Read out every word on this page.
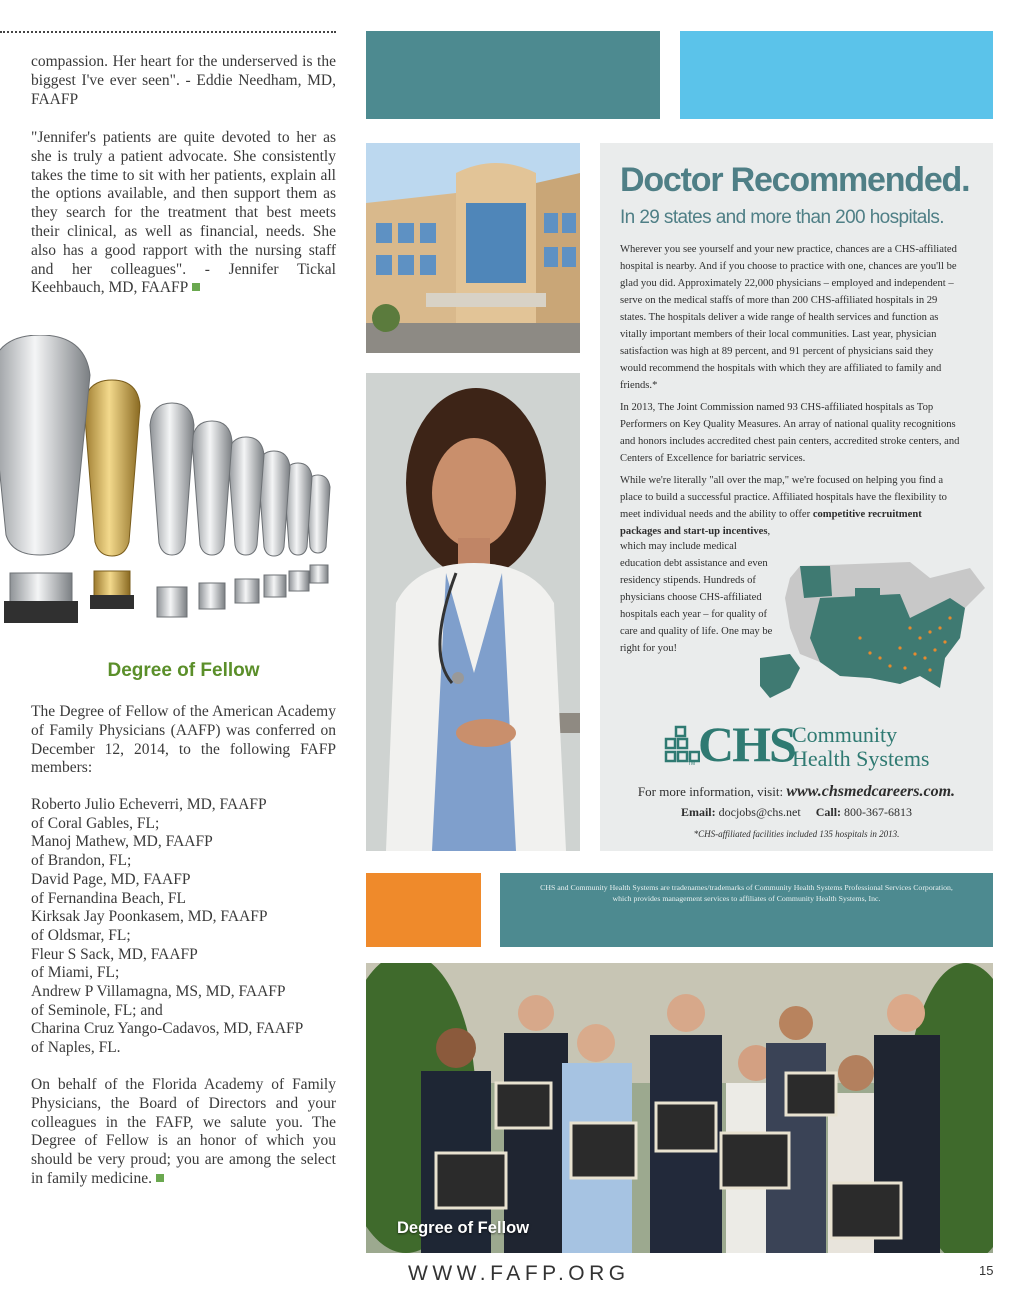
compassion. Her heart for the underserved is the biggest I've ever seen". - Eddie Needham, MD, FAAFP

"Jennifer's patients are quite devoted to her as she is truly a patient advocate. She consistently takes the time to sit with her patients, explain all the options available, and then support them as they search for the treatment that best meets their clinical, as well as financial, needs. She also has a good rapport with the nursing staff and her colleagues". - Jennifer Tickal Keehbauch, MD, FAAFP

Degree of Fellow

The Degree of Fellow of the American Academy of Family Physicians (AAFP) was conferred on December 12, 2014, to the following FAFP members:

Roberto Julio Echeverri, MD, FAAFP
of Coral Gables, FL;
Manoj Mathew, MD, FAAFP
of Brandon, FL;
David Page, MD, FAAFP
of Fernandina Beach, FL
Kirksak Jay Poonkasem, MD, FAAFP
of Oldsmar, FL;
Fleur S Sack, MD, FAAFP
of Miami, FL;
Andrew P Villamagna, MS, MD, FAAFP
of Seminole, FL; and
Charina Cruz Yango-Cadavos, MD, FAAFP
of Naples, FL.

On behalf of the Florida Academy of Family Physicians, the Board of Directors and your colleagues in the FAFP, we salute you. The Degree of Fellow is an honor of which you should be very proud; you are among the select in family medicine.

Doctor Recommended.
In 29 states and more than 200 hospitals.

Wherever you see yourself and your new practice, chances are a CHS-affiliated hospital is nearby. And if you choose to practice with one, chances are you'll be glad you did. Approximately 22,000 physicians – employed and independent – serve on the medical staffs of more than 200 CHS-affiliated hospitals in 29 states. The hospitals deliver a wide range of health services and function as vitally important members of their local communities. Last year, physician satisfaction was high at 89 percent, and 91 percent of physicians said they would recommend the hospitals with which they are affiliated to family and friends.*

In 2013, The Joint Commission named 93 CHS-affiliated hospitals as Top Performers on Key Quality Measures. An array of national quality recognitions and honors includes accredited chest pain centers, accredited stroke centers, and Centers of Excellence for bariatric services.

While we're literally "all over the map," we're focused on helping you find a place to build a successful practice. Affiliated hospitals have the flexibility to meet individual needs and the ability to offer competitive recruitment packages and start-up incentives,

which may include medical education debt assistance and even residency stipends. Hundreds of physicians choose CHS-affiliated hospitals each year – for quality of care and quality of life. One may be right for you!
CHS
TM
Community
Health Systems
For more information, visit: www.chsmedcareers.com.
Email: docjobs@chs.net Call: 800-367-6813
*CHS-affiliated facilities included 135 hospitals in 2013.
CHS and Community Health Systems are tradenames/trademarks of Community Health Systems Professional Services Corporation, which provides management services to affiliates of Community Health Systems, Inc.
Degree of Fellow
WWW.FAFP.ORG	15
